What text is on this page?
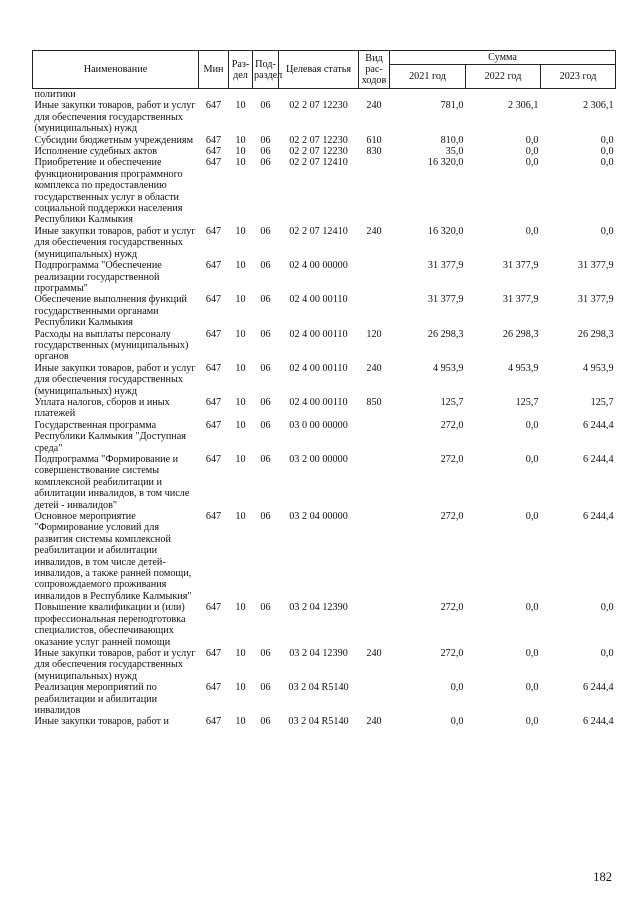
Наименование	Мин	Раз-дел	Под-раздел	Целевая статья	Вид рас-ходов	Сумма		
						2021 год	2022 год	2023 год
политики								
Иные закупки товаров, работ и услуг для обеспечения государственных (муниципальных) нужд	647	10	06	02 2 07 12230	240	781,0	2 306,1	2 306,1
Субсидии бюджетным учреждениям	647	10	06	02 2 07 12230	610	810,0	0,0	0,0
Исполнение судебных актов	647	10	06	02 2 07 12230	830	35,0	0,0	0,0
Приобретение и обеспечение функционирования программного комплекса по предоставлению государственных услуг в области социальной поддержки населения Республики Калмыкия	647	10	06	02 2 07 12410		16 320,0	0,0	0,0
Иные закупки товаров, работ и услуг для обеспечения государственных (муниципальных) нужд	647	10	06	02 2 07 12410	240	16 320,0	0,0	0,0
Подпрограмма "Обеспечение реализации государственной программы"	647	10	06	02 4 00 00000		31 377,9	31 377,9	31 377,9
Обеспечение выполнения функций государственными органами Республики Калмыкия	647	10	06	02 4 00 00110		31 377,9	31 377,9	31 377,9
Расходы на выплаты персоналу государственных (муниципальных) органов	647	10	06	02 4 00 00110	120	26 298,3	26 298,3	26 298,3
Иные закупки товаров, работ и услуг для обеспечения государственных (муниципальных) нужд	647	10	06	02 4 00 00110	240	4 953,9	4 953,9	4 953,9
Уплата налогов, сборов и иных платежей	647	10	06	02 4 00 00110	850	125,7	125,7	125,7
Государственная программа Республики Калмыкия "Доступная среда"	647	10	06	03 0 00 00000		272,0	0,0	6 244,4
Подпрограмма "Формирование и совершенствование системы комплексной реабилитации и абилитации инвалидов, в том числе детей - инвалидов"	647	10	06	03 2 00 00000		272,0	0,0	6 244,4
Основное мероприятие "Формирование условий для развития системы комплексной реабилитации и абилитации инвалидов, в том числе детей-инвалидов, а также ранней помощи, сопровождаемого проживания инвалидов в Республике Калмыкия"	647	10	06	03 2 04 00000		272,0	0,0	6 244,4
Повышение квалификации и (или) профессиональная переподготовка специалистов, обеспечивающих оказание услуг ранней помощи	647	10	06	03 2 04 12390		272,0	0,0	0,0
Иные закупки товаров, работ и услуг для обеспечения государственных (муниципальных) нужд	647	10	06	03 2 04 12390	240	272,0	0,0	0,0
Реализация мероприятий по реабилитации и абилитации инвалидов	647	10	06	03 2 04 R5140		0,0	0,0	6 244,4
Иные закупки товаров, работ и	647	10	06	03 2 04 R5140	240	0,0	0,0	6 244,4
182
